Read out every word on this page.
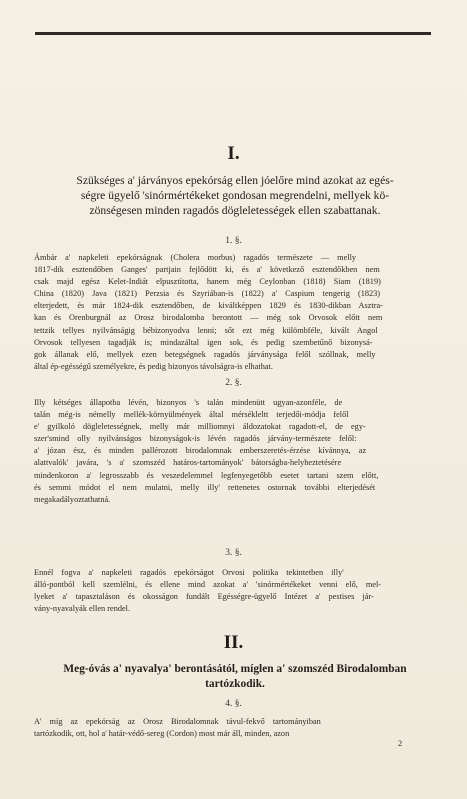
I.
Szükséges a' járványos epekórság ellen jóelőre mind azokat az egés-
ségre ügyelő 'sinórmértékeket gondosan megrendelni, mellyek kö-
zönségesen minden ragadós dögleletességek ellen szabattanak.
1. §.
Ámbár a' napkeleti epekórságnak (Cholera morbus) ragadós természete — melly
1817-dik esztendőben Ganges' partjain fejlődött ki, és a' következő esztendőkben nem
csak majd egész Kelet-Indiát elpusztította, hanem még Ceylonban (1818) Siam (1819)
China (1820) Java (1821) Perzsia és Szyriában-is (1822) a' Caspium tengerig (1823)
elterjedett, és már 1824-dik esztendőben, de kiváltképpen 1829 és 1830-dikban Asztra-
kan és Orenburgnál az Orosz birodalomba berontott — még sok Orvosok előtt nem
tettzik tellyes nyilvánságig bébizonyodva lenni; sőt ezt még külömbféle, kivált Angol
Orvosok tellyesen tagadják is; mindazáltal igen sok, és pedig szembetűnő bizonysá-
gok állanak elő, mellyek ezen betegségnek ragadós járványsága felől szóllnak, melly
által ép-egésségű személyekre, és pedig bizonyos távolságra-is elhathat.
2. §.
Illy kétséges állapotba lévén, bizonyos 's talán mindenütt ugyan-azonféle, de
talán még-is némelly mellék-környülmények által mérsékleltt terjedői-módja felől
e' gyilkoló dögleletességnek, melly már milliomnyi áldozatokat ragadott-el, de egy-
szer'smind olly nyilvánságos bizonyságok-is lévén ragadós járvány-természete felől:
a' józan ész, és minden pallérozott birodalomnak emberszeretés-érzése kívánnya, az
alattvalók' javára, 's a' szomszéd határos-tartományok' bátorságba-helyheztetésére
mindenkoron a' legrosszabb és veszedelemmel legfenyegetőbb esetet tartani szem előtt,
és semmi módot el nem mulatni, melly illy' rettenetes ostornak további elterjedését
megakadályoztathatná.
3. §.
Ennél fogva a' napkeleti ragadós epekórságot Orvosi politika tekintetben illy'
álló-pontból kell szemlélni, és ellene mind azokat a' 'sinórmértékeket venni elő, mel-
lyeket a' tapasztaláson és okosságon fundált Egésségre-ügyelő Intézet a' pestises jár-
vány-nyavalyák ellen rendel.
II.
Meg-óvás a' nyavalya' berontásától, míglen a' szomszéd Birodalomban
tartózkodik.
4. §.
A' míg az epekórság az Orosz Birodalomnak távul-fekvő tartományiban
tartózkodik, ott, hol a' határ-védő-sereg (Cordon) most már áll, minden, azon
2
